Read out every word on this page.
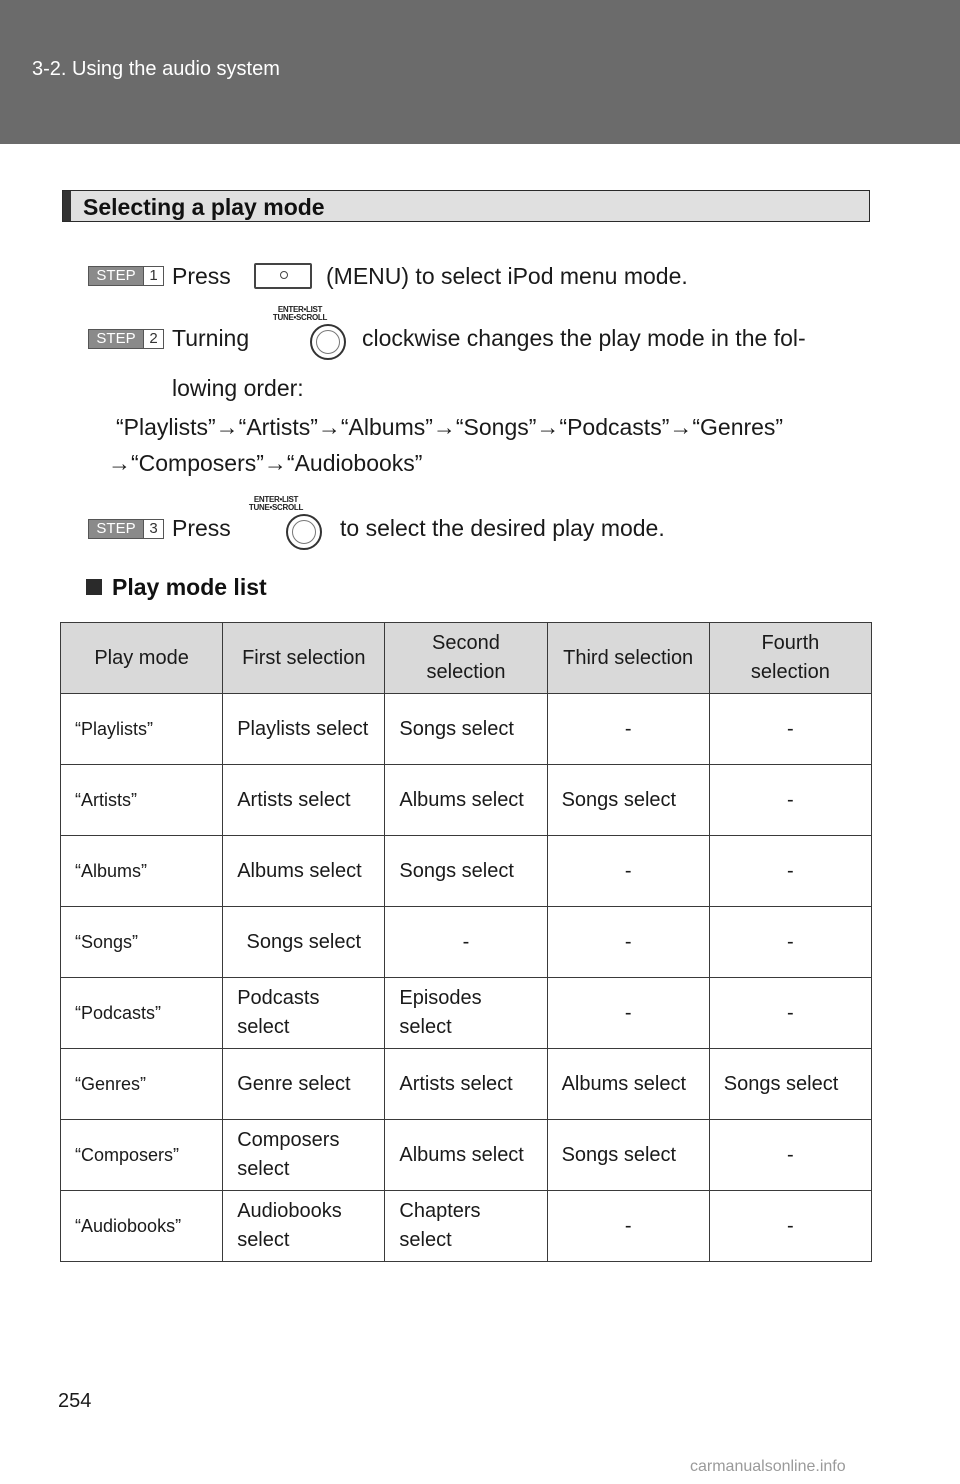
3-2. Using the audio system
Selecting a play mode
STEP 1 Press	(MENU) to select iPod menu mode.
STEP 2 Turning
ENTER•LIST TUNE•SCROLL
clockwise changes the play mode in the fol-
lowing order:
“Playlists”→“Artists”→“Albums”→“Songs”→“Podcasts”→“Genres”
→“Composers”→“Audiobooks”
STEP 3 Press
ENTER•LIST TUNE•SCROLL
to select the desired play mode.
Play mode list
Play mode	First selection	Second selection	Third selection	Fourth selection
“Playlists”	Playlists select	Songs select	-	-
“Artists”	Artists select	Albums select	Songs select	-
“Albums”	Albums select	Songs select	-	-
“Songs”	Songs select	-	-	-
“Podcasts”	Podcasts select	Episodes select	-	-
“Genres”	Genre select	Artists select	Albums select	Songs select
“Composers”	Composers select	Albums select	Songs select	-
“Audiobooks”	Audiobooks select	Chapters select	-	-
254
carmanualsonline.info
